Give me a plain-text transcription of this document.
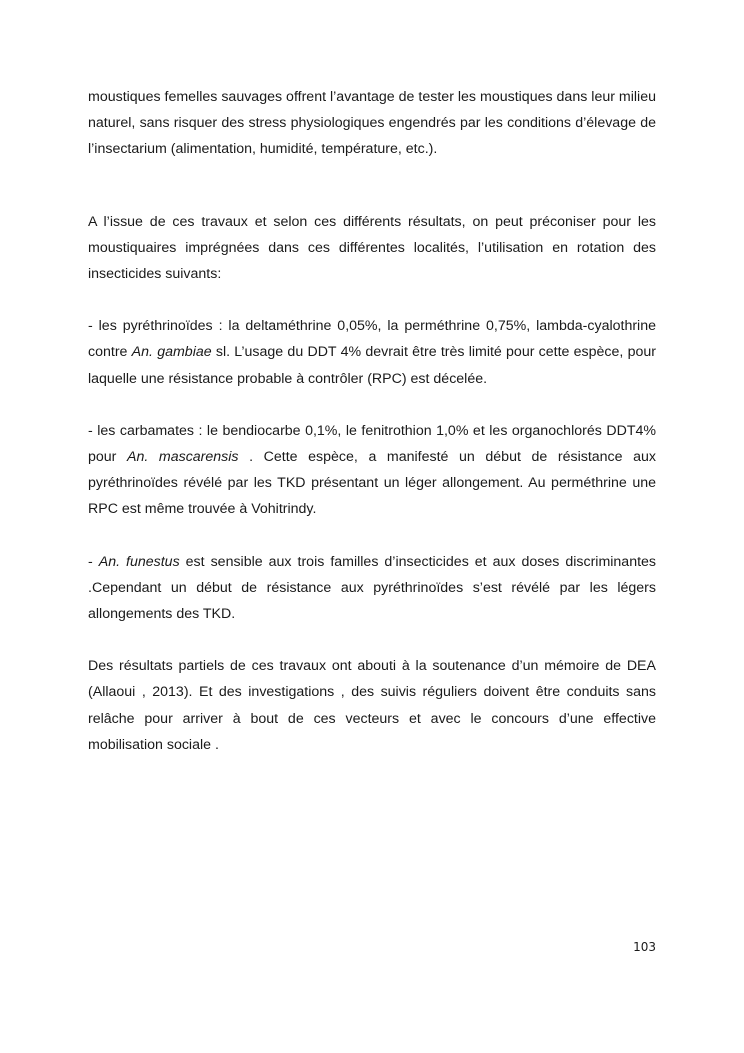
moustiques femelles sauvages offrent l’avantage de tester les moustiques dans leur milieu naturel, sans risquer des stress physiologiques engendrés par les conditions d’élevage de l’insectarium (alimentation, humidité, température, etc.).

A l’issue de ces travaux et selon ces différents résultats, on peut préconiser pour les moustiquaires imprégnées dans ces différentes localités, l’utilisation en rotation des insecticides suivants:

- les pyréthrinoïdes : la deltaméthrine 0,05%, la perméthrine 0,75%, lambda-cyalothrine contre An. gambiae sl. L’usage du DDT 4% devrait être très limité pour cette espèce, pour laquelle une résistance probable à contrôler (RPC) est décelée.

- les carbamates : le bendiocarbe 0,1%, le fenitrothion 1,0% et les organochlorés DDT4% pour An. mascarensis . Cette espèce, a manifesté un début de résistance aux pyréthrinoïdes révélé par les TKD présentant un léger allongement. Au perméthrine une RPC est même trouvée à Vohitrindy.

- An. funestus est sensible aux trois familles d’insecticides et aux doses discriminantes .Cependant un début de résistance aux pyréthrinoïdes s’est révélé par les légers allongements des TKD.

Des résultats partiels de ces travaux ont abouti à la soutenance d’un mémoire de DEA (Allaoui , 2013). Et des investigations , des suivis réguliers doivent être conduits sans relâche pour arriver à bout de ces vecteurs et avec le concours d’une effective mobilisation sociale .

103
